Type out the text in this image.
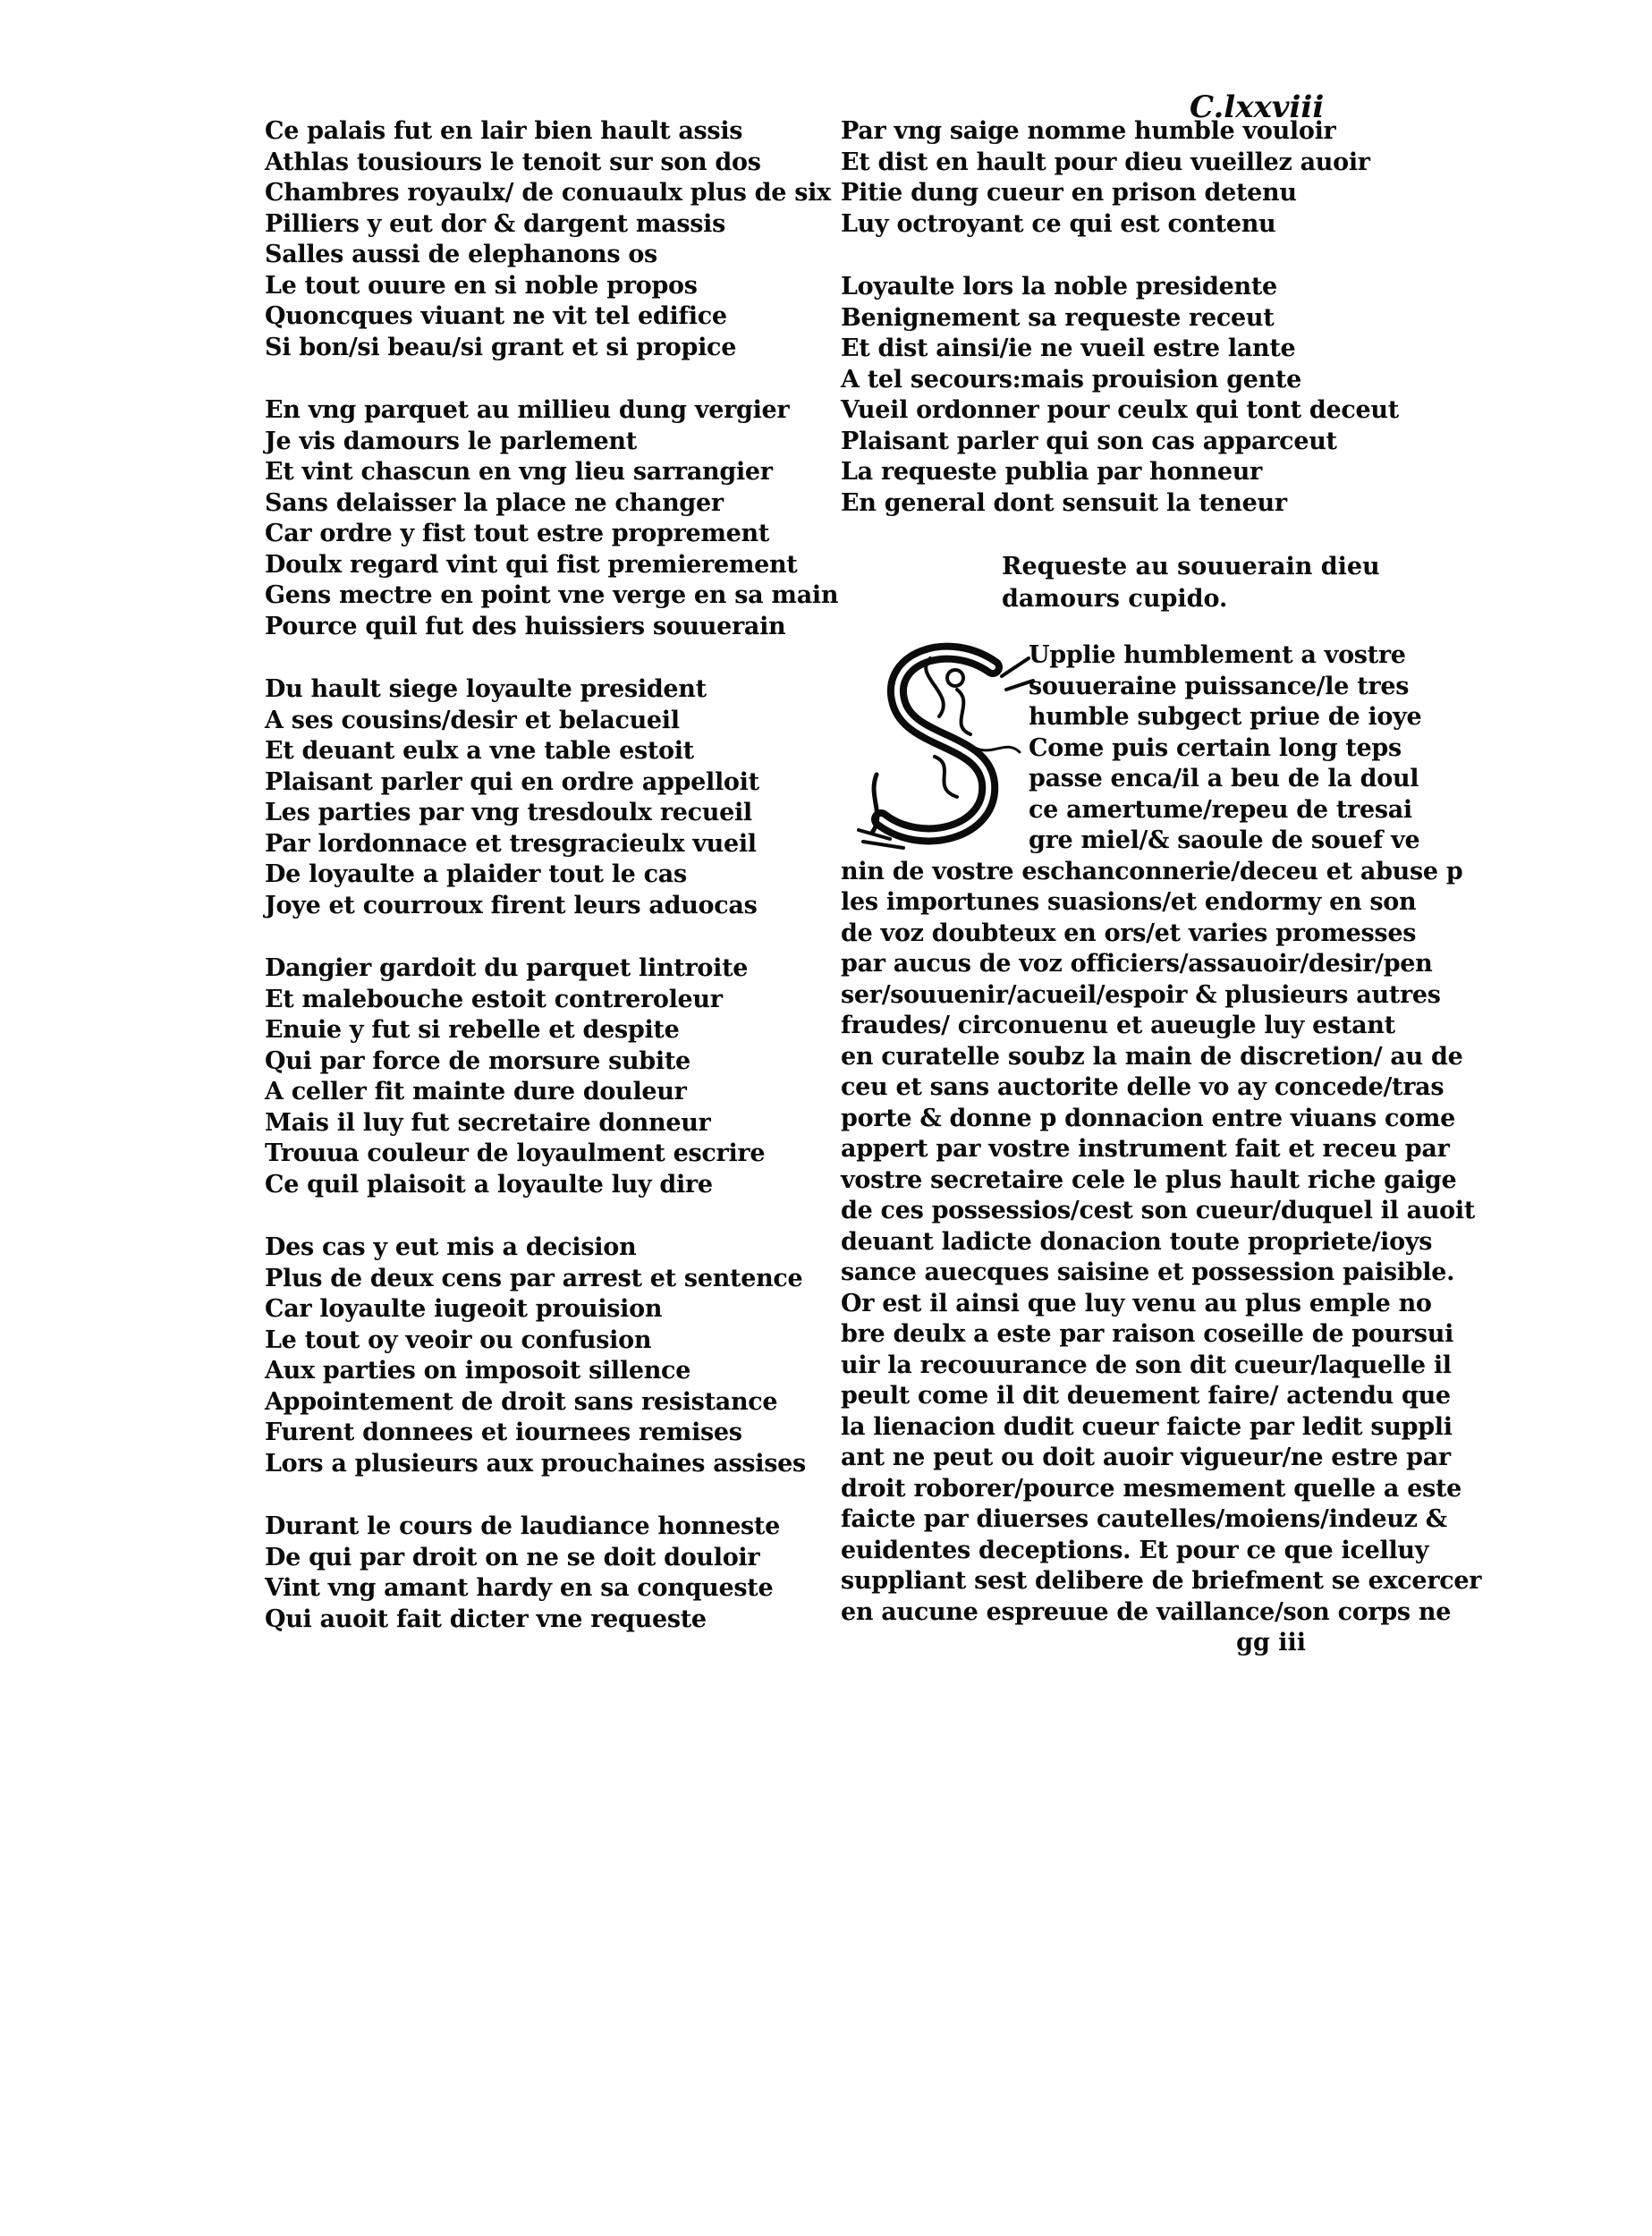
C.lxxviii
Ce palais fut en lair bien hault assis
Athlas tousiours le tenoit sur son dos
Chambres royaulx/ de conuaulx plus de six
Pilliers y eut dor & dargent massis
Salles aussi de elephanons os
Le tout ouure en si noble propos
Quoncques viuant ne vit tel edifice
Si bon/si beau/si grant et si propice
En vng parquet au millieu dung vergier
Je vis damours le parlement
Et vint chascun en vng lieu sarrangier
Sans delaisser la place ne changer
Car ordre y fist tout estre proprement
Doulx regard vint qui fist premierement
Gens mectre en point vne verge en sa main
Pource quil fut des huissiers souuerain
Du hault siege loyaulte president
A ses cousins/desir et belacueil
Et deuant eulx a vne table estoit
Plaisant parler qui en ordre appelloit
Les parties par vng tresdoulx recueil
Par lordonnace et tresgracieulx vueil
De loyaulte a plaider tout le cas
Joye et courroux firent leurs aduocas
Dangier gardoit du parquet lintroite
Et malebouche estoit contreroleur
Enuie y fut si rebelle et despite
Qui par force de morsure subite
A celler fit mainte dure douleur
Mais il luy fut secretaire donneur
Trouua couleur de loyaulment escrire
Ce quil plaisoit a loyaulte luy dire
Des cas y eut mis a decision
Plus de deux cens par arrest et sentence
Car loyaulte iugeoit prouision
Le tout oy veoir ou confusion
Aux parties on imposoit sillence
Appointement de droit sans resistance
Furent donnees et iournees remises
Lors a plusieurs aux prouchaines assises
Durant le cours de laudiance honneste
De qui par droit on ne se doit douloir
Vint vng amant hardy en sa conqueste
Qui auoit fait dicter vne requeste
Par vng saige nomme humble vouloir
Et dist en hault pour dieu vueillez auoir
Pitie dung cueur en prison detenu
Luy octroyant ce qui est contenu
Loyaulte lors la noble presidente
Benignement sa requeste receut
Et dist ainsi/ie ne vueil estre lante
A tel secours:mais prouision gente
Vueil ordonner pour ceulx qui tont deceut
Plaisant parler qui son cas apparceut
La requeste publia par honneur
En general dont sensuit la teneur
Requeste au souuerain dieu
damours cupido.
Upplie humblement a vostre
souueraine puissance/le tres
humble subgect priue de ioye
Come puis certain long teps
passe enca/il a beu de la doul
ce amertume/repeu de tresai
gre miel/& saoule de souef ve
nin de vostre eschanconnerie/deceu et abuse p
les importunes suasions/et endormy en son
de voz doubteux en ors/et varies promesses
par aucus de voz officiers/assauoir/desir/pen
ser/souuenir/acueil/espoir & plusieurs autres
fraudes/ circonuenu et aueugle luy estant
en curatelle soubz la main de discretion/ au de
ceu et sans auctorite delle vo ay concede/tras
porte & donne p donnacion entre viuans come
appert par vostre instrument fait et receu par
vostre secretaire cele le plus hault riche gaige
de ces possessios/cest son cueur/duquel il auoit
deuant ladicte donacion toute propriete/ioys
sance auecques saisine et possession paisible.
Or est il ainsi que luy venu au plus emple no
bre deulx a este par raison coseille de poursui
uir la recouurance de son dit cueur/laquelle il
peult come il dit deuement faire/ actendu que
la lienacion dudit cueur faicte par ledit suppli
ant ne peut ou doit auoir vigueur/ne estre par
droit roborer/pource mesmement quelle a este
faicte par diuerses cautelles/moiens/indeuz &
euidentes deceptions. Et pour ce que icelluy
suppliant sest delibere de briefment se excercer
en aucune espreuue de vaillance/son corps ne
gg iii
